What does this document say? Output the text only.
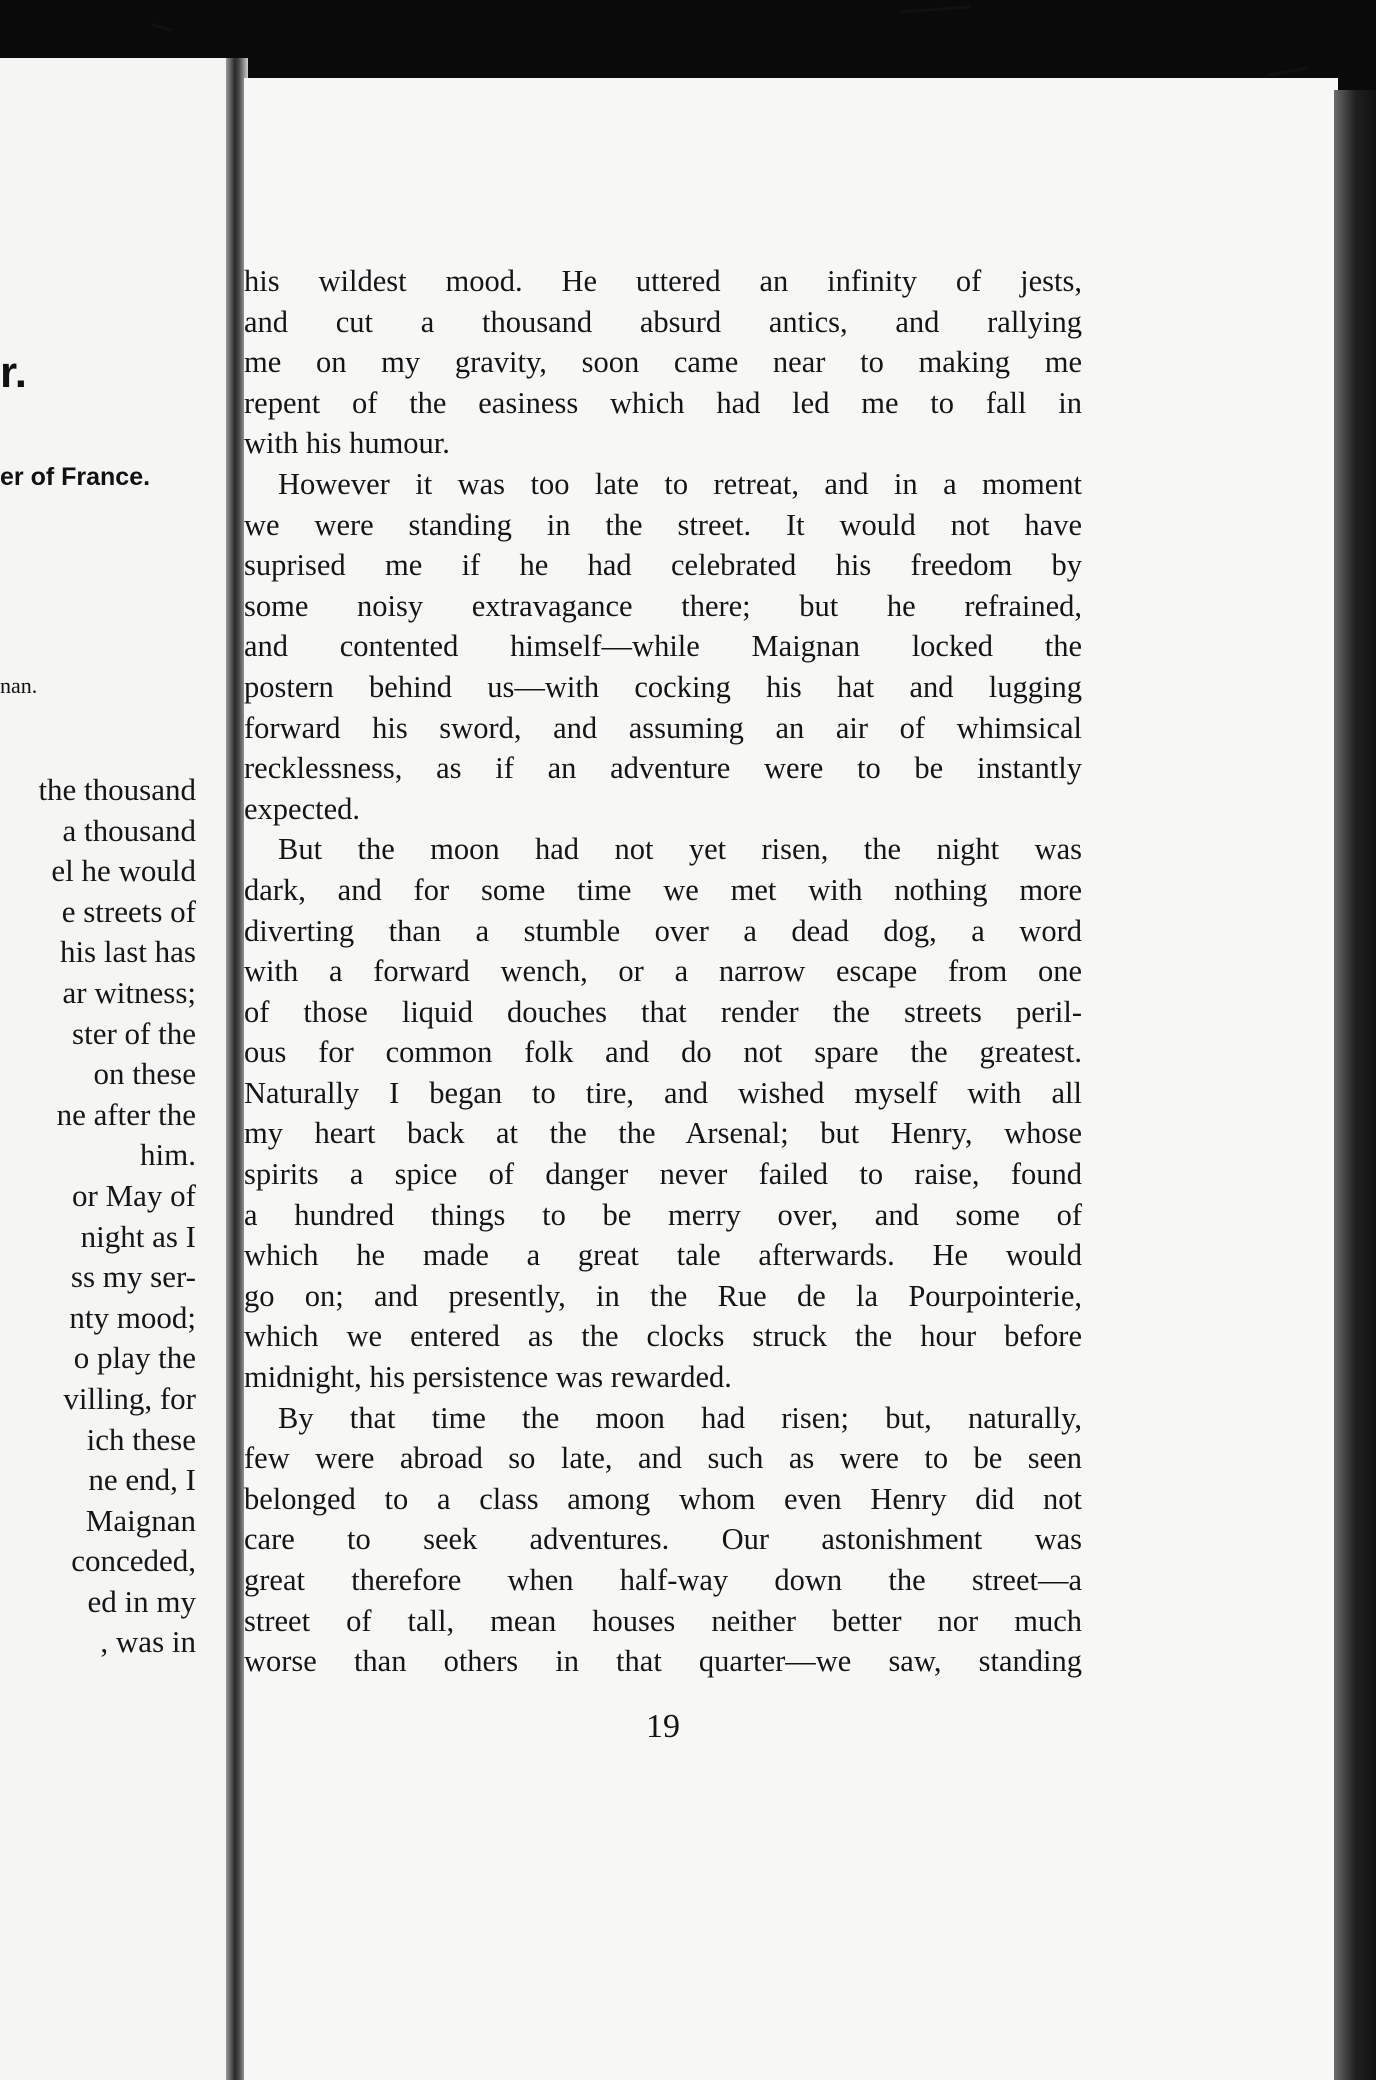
r.
er of France.
nan.
the thousand
a thousand
el he would
e streets of
his last has
ar witness;
ster of the
on these
ne after the
him.
or May of
night as I
ss my ser-
nty mood;
o play the
villing, for
ich these
ne end, I
Maignan
conceded,
ed in my
, was in
his wildest mood. He uttered an infinity of jests,
and cut a thousand absurd antics, and rallying
me on my gravity, soon came near to making me
repent of the easiness which had led me to fall in
with his humour.
However it was too late to retreat, and in a moment
we were standing in the street. It would not have
suprised me if he had celebrated his freedom by
some noisy extravagance there; but he refrained,
and contented himself—while Maignan locked the
postern behind us—with cocking his hat and lugging
forward his sword, and assuming an air of whimsical
recklessness, as if an adventure were to be instantly
expected.
But the moon had not yet risen, the night was
dark, and for some time we met with nothing more
diverting than a stumble over a dead dog, a word
with a forward wench, or a narrow escape from one
of those liquid douches that render the streets peril-
ous for common folk and do not spare the greatest.
Naturally I began to tire, and wished myself with all
my heart back at the the Arsenal; but Henry, whose
spirits a spice of danger never failed to raise, found
a hundred things to be merry over, and some of
which he made a great tale afterwards. He would
go on; and presently, in the Rue de la Pourpointerie,
which we entered as the clocks struck the hour before
midnight, his persistence was rewarded.
By that time the moon had risen; but, naturally,
few were abroad so late, and such as were to be seen
belonged to a class among whom even Henry did not
care to seek adventures. Our astonishment was
great therefore when half-way down the street—a
street of tall, mean houses neither better nor much
worse than others in that quarter—we saw, standing
19
